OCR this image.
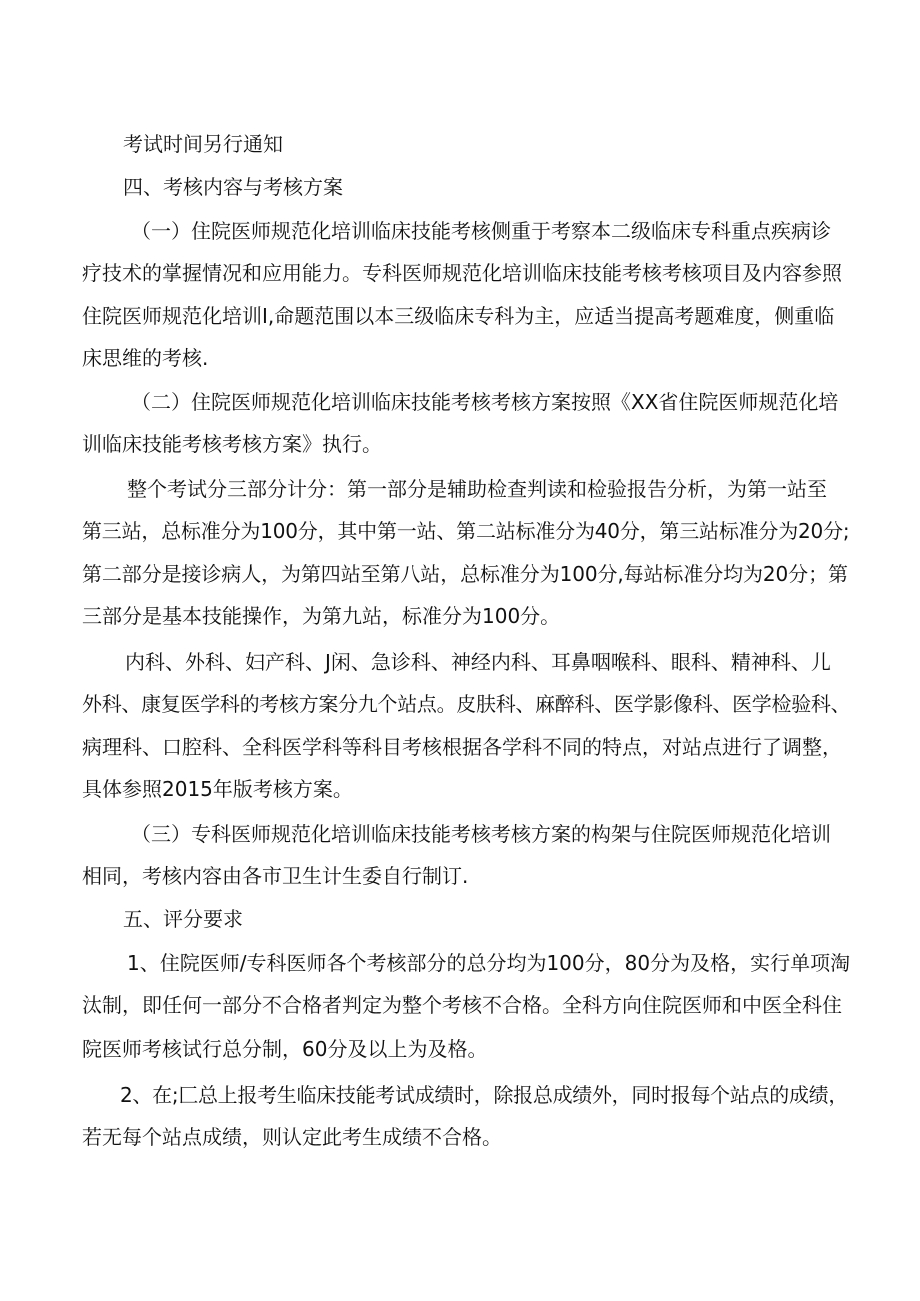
考试时间另行通知

四、考核内容与考核方案

（一）住院医师规范化培训临床技能考核侧重于考察本二级临床专科重点疾病诊

疗技术的掌握情况和应用能力。专科医师规范化培训临床技能考核考核项目及内容参照

住院医师规范化培训I,命题范围以本三级临床专科为主，应适当提高考题难度，侧重临

床思维的考核.

（二）住院医师规范化培训临床技能考核考核方案按照《XX省住院医师规范化培

训临床技能考核考核方案》执行。

整个考试分三部分计分：第一部分是辅助检查判读和检验报告分析，为第一站至

第三站，总标准分为100分，其中第一站、第二站标准分为40分，第三站标准分为20分;

第二部分是接诊病人，为第四站至第八站，总标准分为100分,每站标准分均为20分；第

三部分是基本技能操作，为第九站，标准分为100分。

内科、外科、妇产科、J闲、急诊科、神经内科、耳鼻咽喉科、眼科、精神科、儿

外科、康复医学科的考核方案分九个站点。皮肤科、麻醉科、医学影像科、医学检验科、

病理科、口腔科、全科医学科等科目考核根据各学科不同的特点，对站点进行了调整，

具体参照2015年版考核方案。

（三）专科医师规范化培训临床技能考核考核方案的构架与住院医师规范化培训

相同，考核内容由各市卫生计生委自行制订.

五、评分要求

1、住院医师/专科医师各个考核部分的总分均为100分，80分为及格，实行单项淘

汰制，即任何一部分不合格者判定为整个考核不合格。全科方向住院医师和中医全科住

院医师考核试行总分制，60分及以上为及格。

2、在;匚总上报考生临床技能考试成绩时，除报总成绩外，同时报每个站点的成绩，

若无每个站点成绩，则认定此考生成绩不合格。
